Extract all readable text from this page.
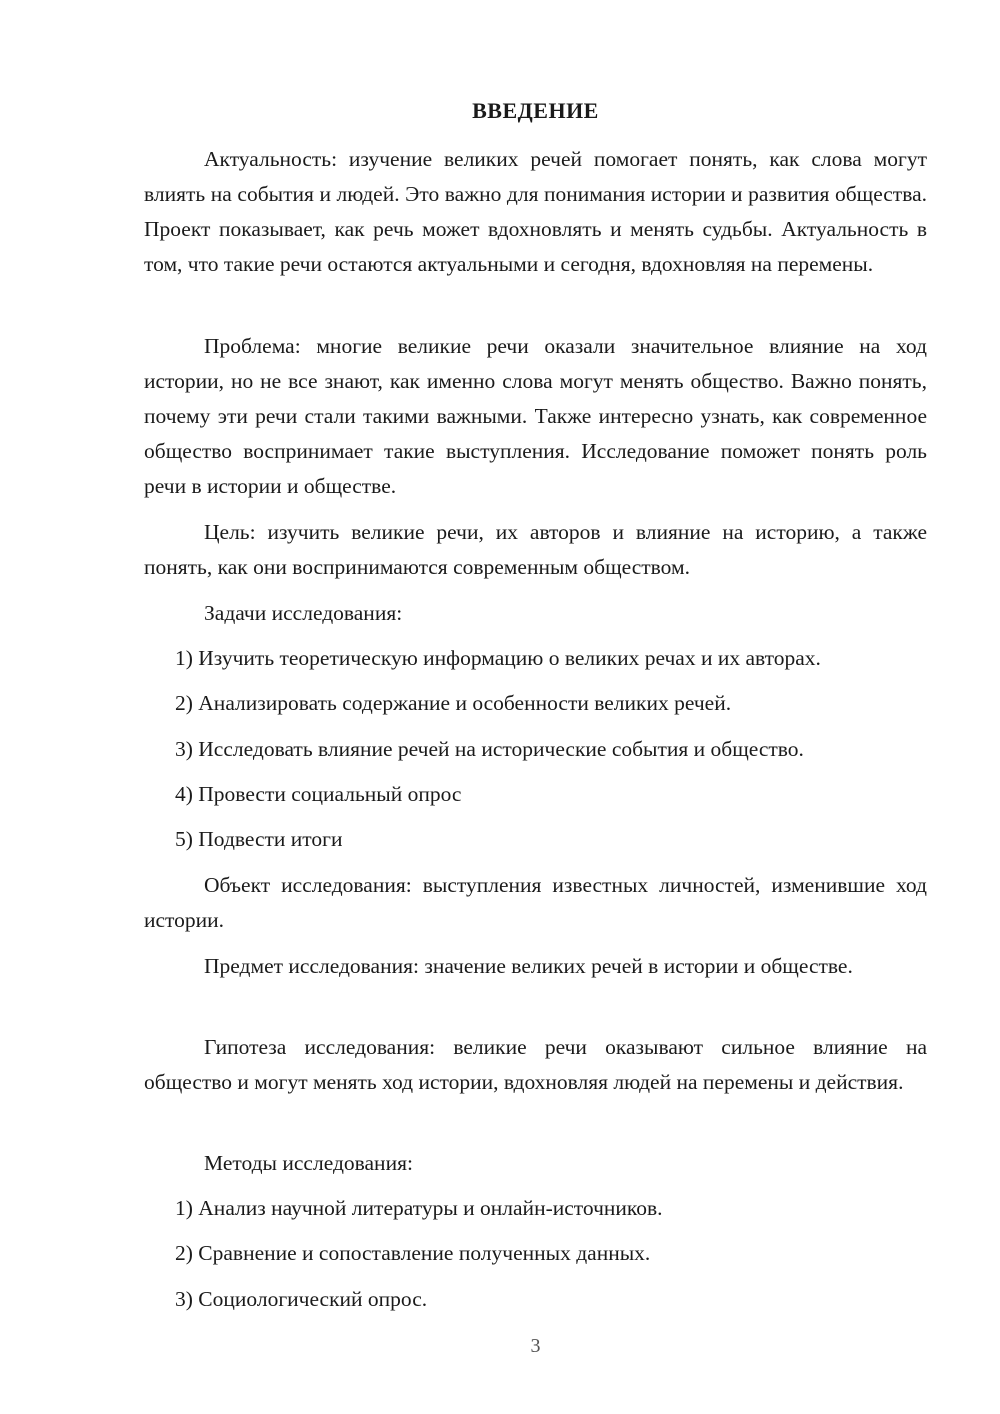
ВВЕДЕНИЕ

Актуальность: изучение великих речей помогает понять, как слова могут влиять на события и людей. Это важно для понимания истории и развития общества. Проект показывает, как речь может вдохновлять и менять судьбы. Актуальность в том, что такие речи остаются актуальными и сегодня, вдохновляя на перемены.

Проблема: многие великие речи оказали значительное влияние на ход истории, но не все знают, как именно слова могут менять общество. Важно понять, почему эти речи стали такими важными. Также интересно узнать, как современное общество воспринимает такие выступления. Исследование поможет понять роль речи в истории и обществе.

Цель: изучить великие речи, их авторов и влияние на историю, а также понять, как они воспринимаются современным обществом.

Задачи исследования:

1) Изучить теоретическую информацию о великих речах и их авторах.

2) Анализировать содержание и особенности великих речей.

3) Исследовать влияние речей на исторические события и общество.

4) Провести социальный опрос

5) Подвести итоги

Объект исследования: выступления известных личностей, изменившие ход истории.

Предмет исследования: значение великих речей в истории и обществе.

Гипотеза исследования: великие речи оказывают сильное влияние на общество и могут менять ход истории, вдохновляя людей на перемены и действия.

Методы исследования:

1) Анализ научной литературы и онлайн-источников.

2) Сравнение и сопоставление полученных данных.

3) Социологический опрос.

3
